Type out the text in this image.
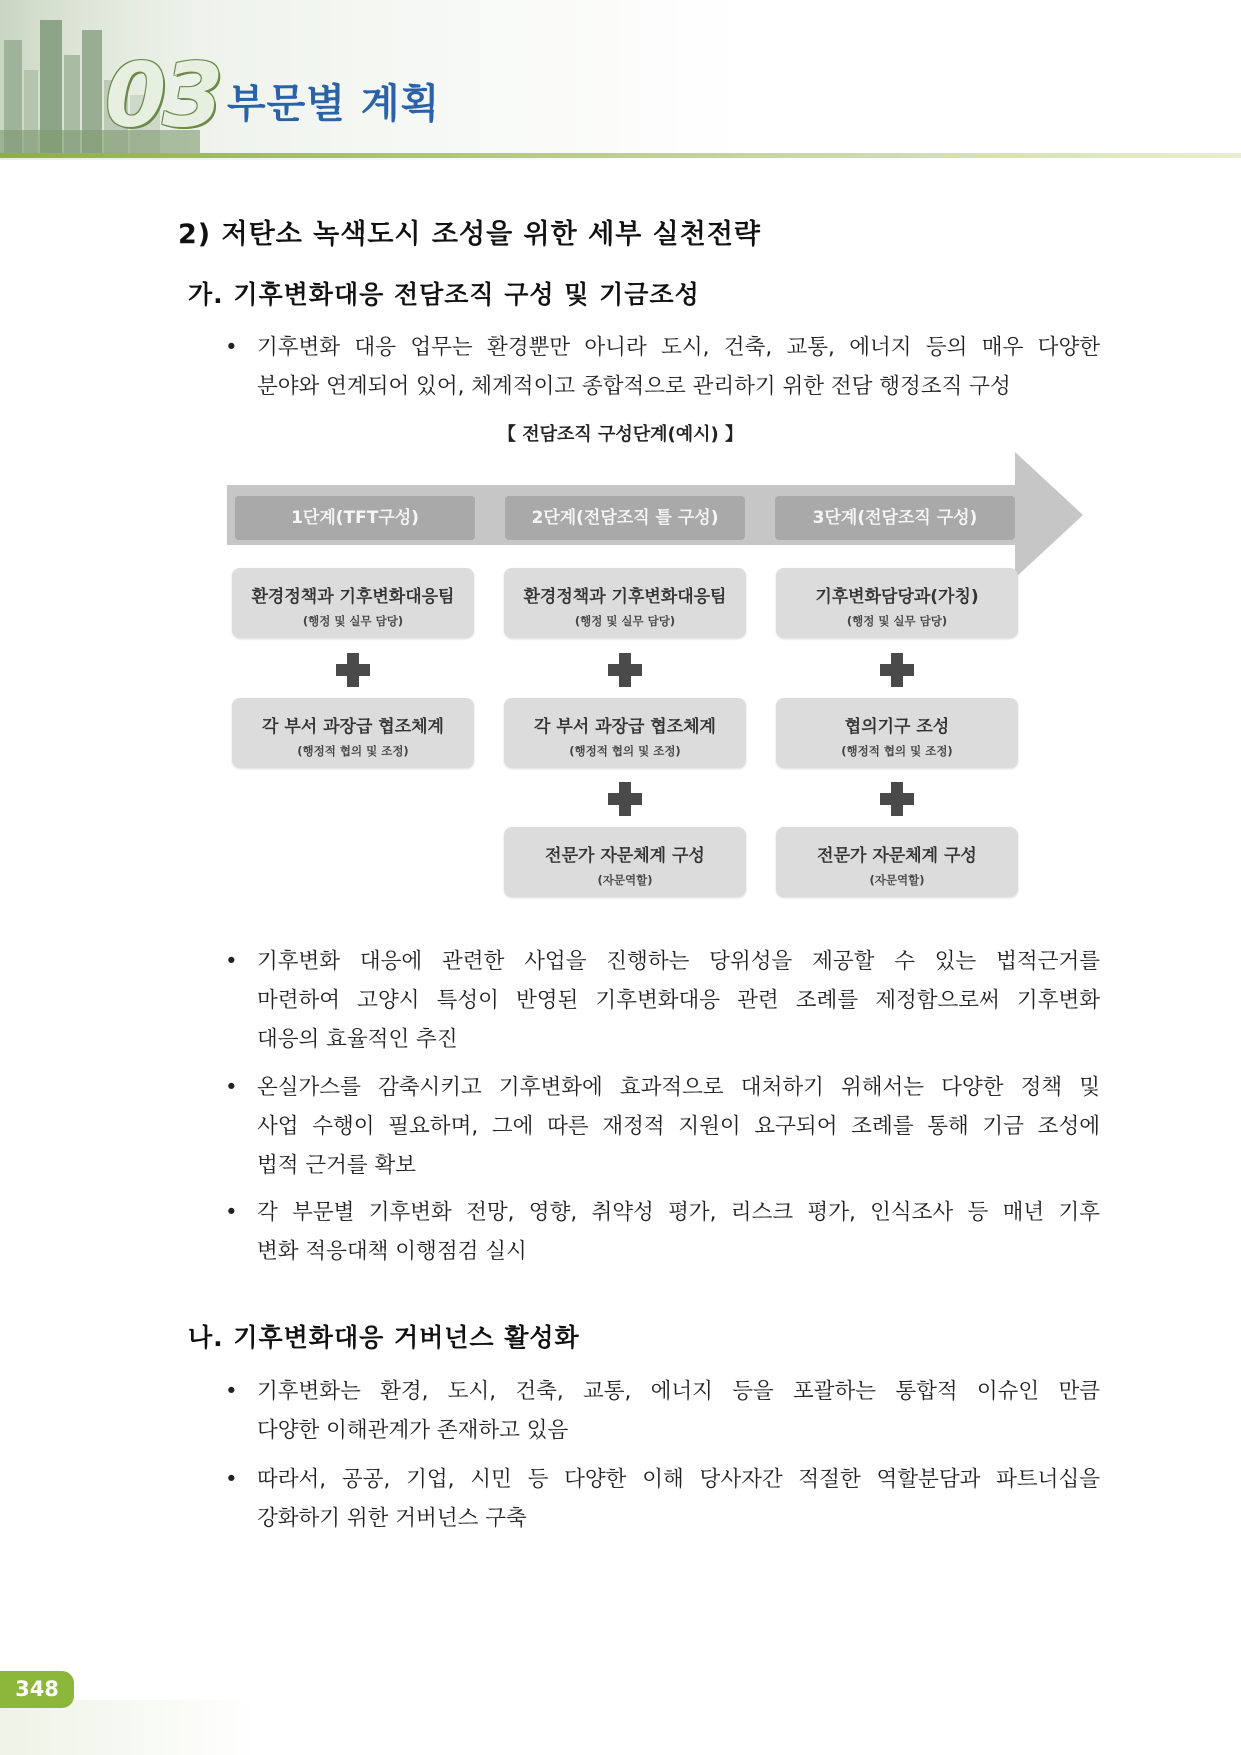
03 부문별 계획
2) 저탄소 녹색도시 조성을 위한 세부 실천전략
가. 기후변화대응 전담조직 구성 및 기금조성
• 기후변화 대응 업무는 환경뿐만 아니라 도시, 건축, 교통, 에너지 등의 매우 다양한
분야와 연계되어 있어, 체계적이고 종합적으로 관리하기 위한 전담 행정조직 구성
【 전담조직 구성단계(예시) 】
1단계(TFT구성)	2단계(전담조직 틀 구성)	3단계(전담조직 구성)
환경정책과 기후변화대응팀
(행정 및 실무 담당)
환경정책과 기후변화대응팀
(행정 및 실무 담당)
기후변화담당과(가칭)
(행정 및 실무 담당)
각 부서 과장급 협조체계
(행정적 협의 및 조정)
각 부서 과장급 협조체계
(행정적 협의 및 조정)
협의기구 조성
(행정적 협의 및 조정)
전문가 자문체계 구성
(자문역할)
전문가 자문체계 구성
(자문역할)
• 기후변화 대응에 관련한 사업을 진행하는 당위성을 제공할 수 있는 법적근거를
마련하여 고양시 특성이 반영된 기후변화대응 관련 조례를 제정함으로써 기후변화
대응의 효율적인 추진
• 온실가스를 감축시키고 기후변화에 효과적으로 대처하기 위해서는 다양한 정책 및
사업 수행이 필요하며, 그에 따른 재정적 지원이 요구되어 조례를 통해 기금 조성에
법적 근거를 확보
• 각 부문별 기후변화 전망, 영향, 취약성 평가, 리스크 평가, 인식조사 등 매년 기후
변화 적응대책 이행점검 실시
나. 기후변화대응 거버넌스 활성화
• 기후변화는 환경, 도시, 건축, 교통, 에너지 등을 포괄하는 통합적 이슈인 만큼
다양한 이해관계가 존재하고 있음
• 따라서, 공공, 기업, 시민 등 다양한 이해 당사자간 적절한 역할분담과 파트너십을
강화하기 위한 거버넌스 구축
348
